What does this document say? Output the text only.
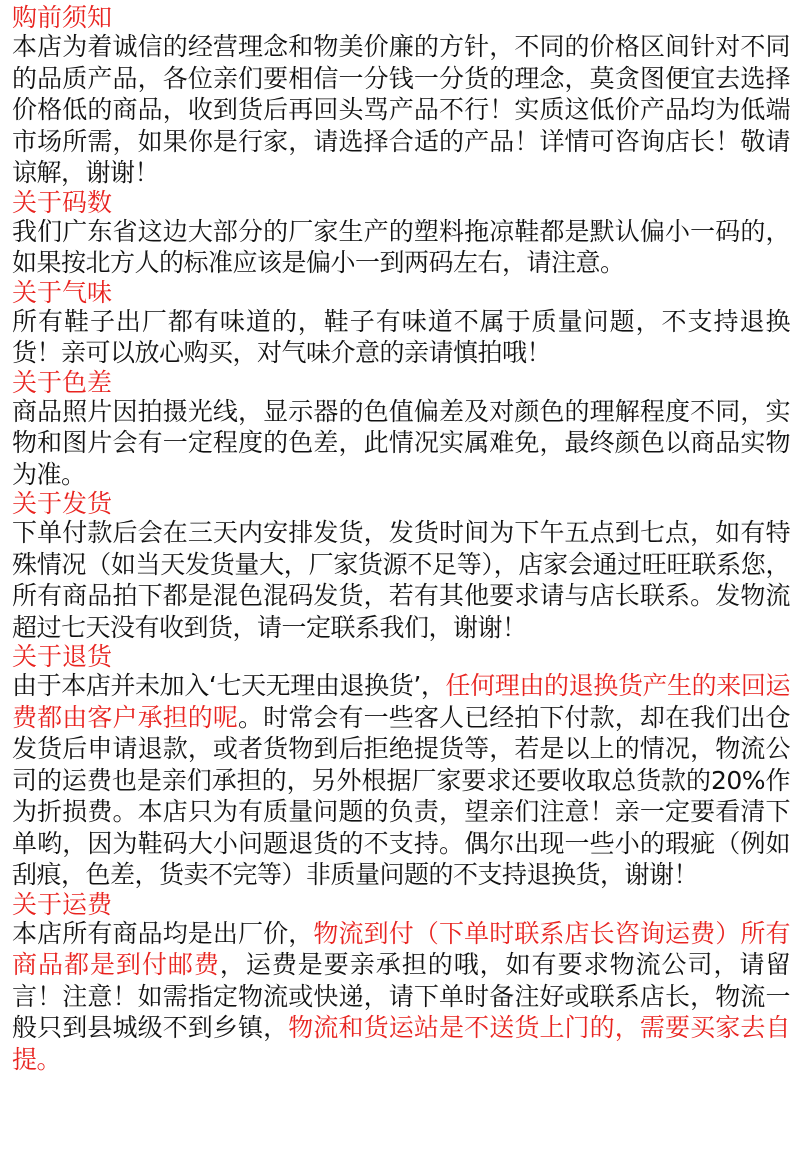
购前须知

本店为着诚信的经营理念和物美价廉的方针，不同的价格区间针对不同的品质产品，各位亲们要相信一分钱一分货的理念，莫贪图便宜去选择价格低的商品，收到货后再回头骂产品不行！实质这低价产品均为低端市场所需，如果你是行家，请选择合适的产品！详情可咨询店长！敬请谅解，谢谢！

关于码数

我们广东省这边大部分的厂家生产的塑料拖凉鞋都是默认偏小一码的，如果按北方人的标准应该是偏小一到两码左右，请注意。

关于气味

所有鞋子出厂都有味道的，鞋子有味道不属于质量问题，不支持退换货！亲可以放心购买，对气味介意的亲请慎拍哦！

关于色差

商品照片因拍摄光线，显示器的色值偏差及对颜色的理解程度不同，实物和图片会有一定程度的色差，此情况实属难免，最终颜色以商品实物为准。

关于发货

下单付款后会在三天内安排发货，发货时间为下午五点到七点，如有特殊情况（如当天发货量大，厂家货源不足等），店家会通过旺旺联系您，所有商品拍下都是混色混码发货，若有其他要求请与店长联系。发物流超过七天没有收到货，请一定联系我们，谢谢！

关于退货

由于本店并未加入‘七天无理由退换货’，任何理由的退换货产生的来回运费都由客户承担的呢。时常会有一些客人已经拍下付款，却在我们出仓发货后申请退款，或者货物到后拒绝提货等，若是以上的情况，物流公司的运费也是亲们承担的，另外根据厂家要求还要收取总货款的20%作为折损费。本店只为有质量问题的负责，望亲们注意！亲一定要看清下单哟，因为鞋码大小问题退货的不支持。偶尔出现一些小的瑕疵（例如刮痕，色差，货卖不完等）非质量问题的不支持退换货，谢谢！

关于运费

本店所有商品均是出厂价，物流到付（下单时联系店长咨询运费）所有商品都是到付邮费，运费是要亲承担的哦，如有要求物流公司，请留言！注意！如需指定物流或快递，请下单时备注好或联系店长，物流一般只到县城级不到乡镇，物流和货运站是不送货上门的，需要买家去自提。
